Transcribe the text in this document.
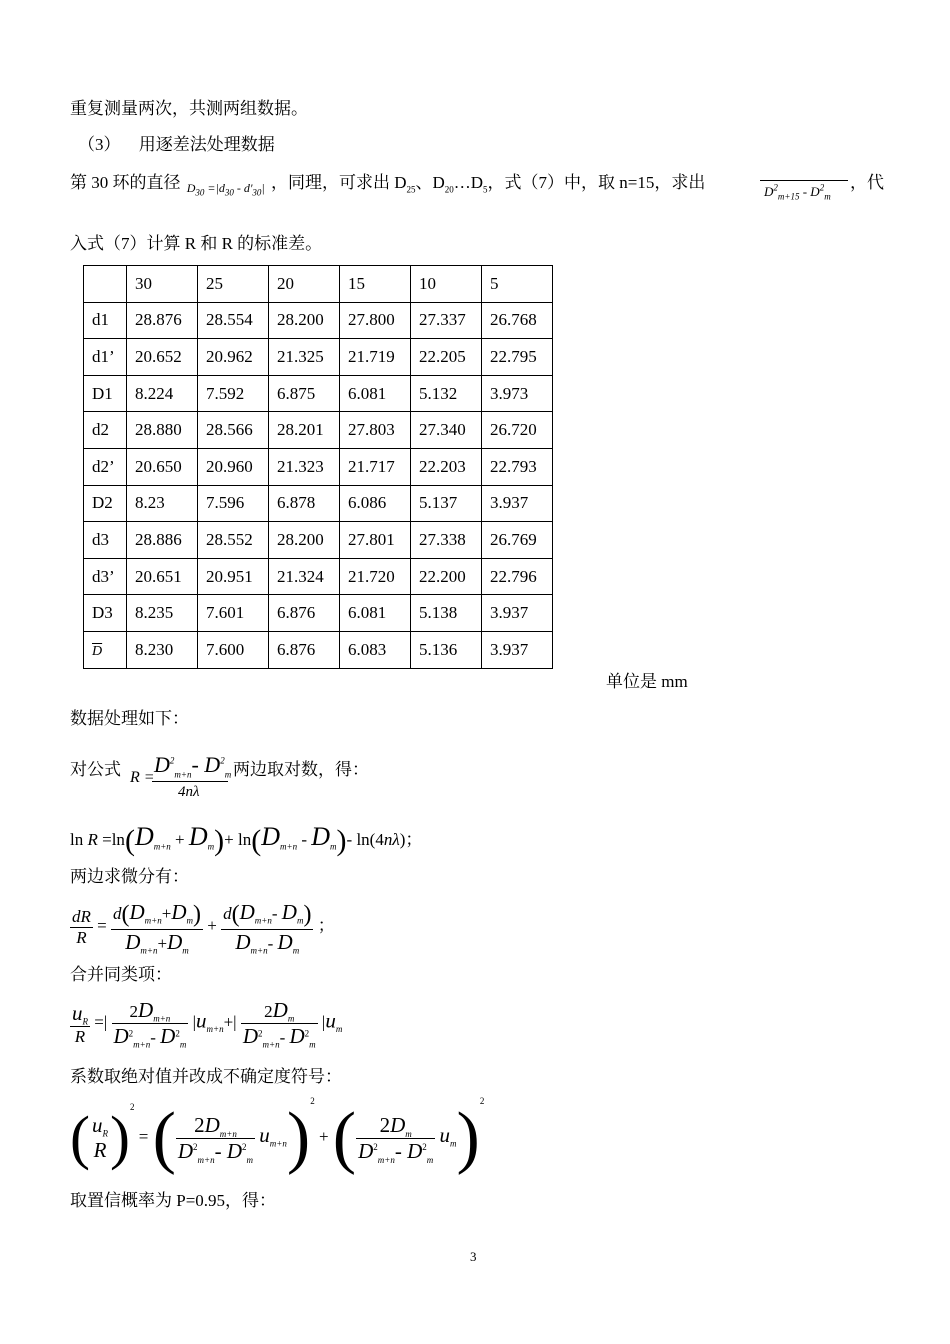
重复测量两次，共测两组数据。
（3） 用逐差法处理数据
第 30 环的直径 $_{D_{30} =|d_{30} - d'_{30}|}$ ，同理，可求出 $D_{25}$、$D_{20}\dots D_5$，式（7）中，取 n=15，求出	$D^2_{m+15} - D^2_m$
，代
入式（7）计算 R 和 R 的标准差。
	30	25	20	15	10	5
d1	28.876	28.554	28.200	27.800	27.337	26.768
d1’	20.652	20.962	21.325	21.719	22.205	22.795
D1	8.224	7.592	6.875	6.081	5.132	3.973
d2	28.880	28.566	28.201	27.803	27.340	26.720
d2’	20.650	20.960	21.323	21.717	22.203	22.793
D2	8.23	7.596	6.878	6.086	5.137	3.937
d3	28.886	28.552	28.200	27.801	27.338	26.769
d3’	20.651	20.951	21.324	21.720	22.200	22.796
D3	8.235	7.601	6.876	6.081	5.138	3.937
$\overline{D}$	8.230	7.600	6.876	6.083	5.136	3.937
单位是 mm
数据处理如下：
对公式 R =
$D^2_{m+n}-$ $D^2_m$
4nλ
两边取对数，得：
$\ln R =\ln(D_{m+n} + D_m)+ \ln(D_{m+n} - D_m)-$ ln(4nλ)；
两边求微分有：
$\frac{dR}{R} = \frac{d(D_{m+n}+D_m)}{D_{m+n}+D_m} + \frac{d(D_{m+n}- D_m)}{D_{m+n}- D_m}$ ；
合并同类项：
$\frac{u_R}{R}$ =| $\frac{2D_{m+n}}{D^2_{m+n}- D^2_m} |u_{m+n}+| \frac{2D_m}{D^2_{m+n}- D^2_m} |u_m$
系数取绝对值并改成不确定度符号：
( $u_R$
R )$^2$ = ( $\frac{2D_{m+n}}{D^2_{m+n}- D^2_m} u_{m+n})^2$ + ( $\frac{2D_m}{D^2_{m+n}- D^2_m} u_m)^2$
取置信概率为 P=0.95，得：
3
